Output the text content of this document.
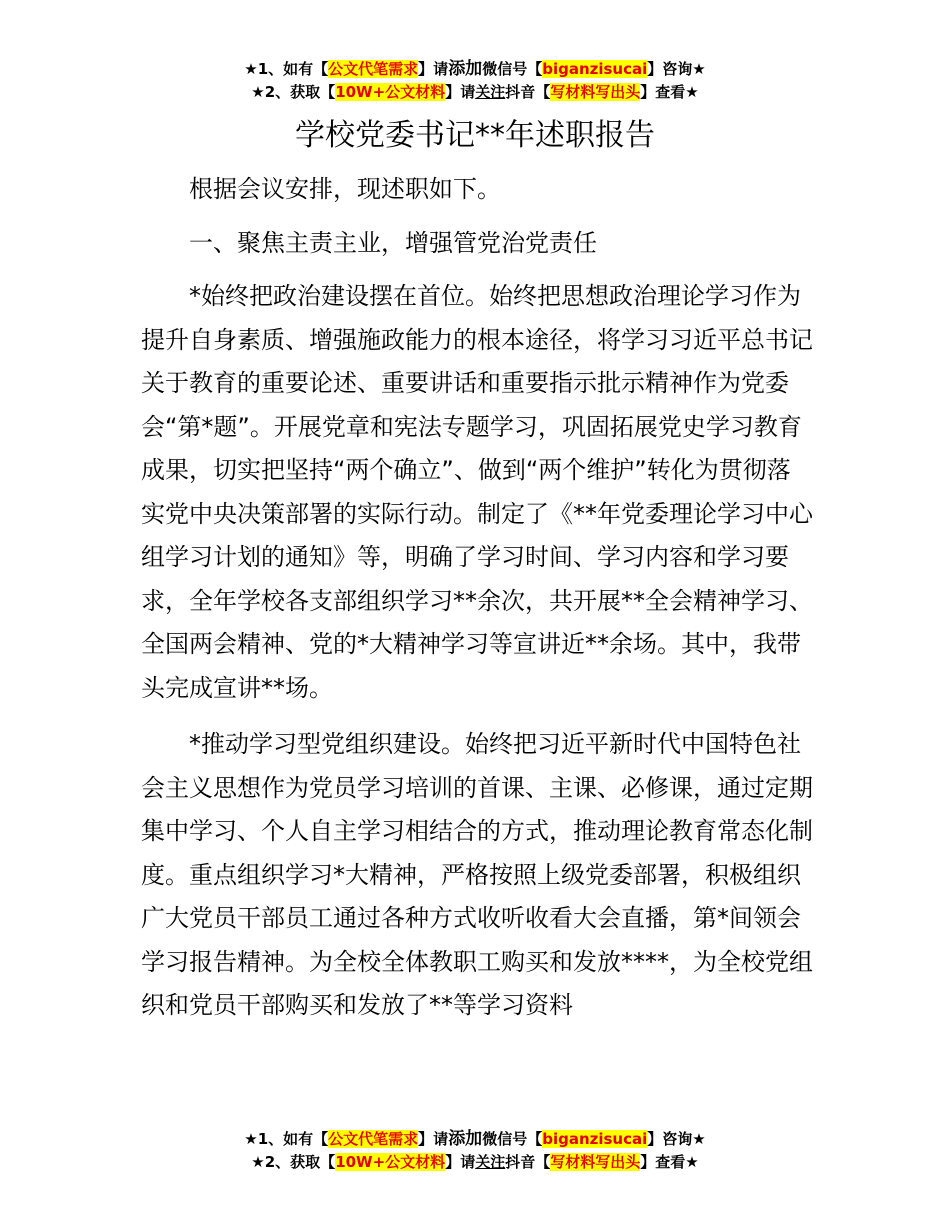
★1、如有【公文代笔需求】请添加微信号【biganzisucai】咨询★
★2、获取【10W+公文材料】请关注抖音【写材料写出头】查看★
学校党委书记**年述职报告

根据会议安排，现述职如下。

一、聚焦主责主业，增强管党治党责任

*始终把政治建设摆在首位。始终把思想政治理论学习作为提升自身素质、增强施政能力的根本途径，将学习习近平总书记关于教育的重要论述、重要讲话和重要指示批示精神作为党委会“第*题”。开展党章和宪法专题学习，巩固拓展党史学习教育成果，切实把坚持“两个确立”、做到“两个维护”转化为贯彻落实党中央决策部署的实际行动。制定了《**年党委理论学习中心组学习计划的通知》等，明确了学习时间、学习内容和学习要求，全年学校各支部组织学习**余次，共开展**全会精神学习、全国两会精神、党的*大精神学习等宣讲近**余场。其中，我带头完成宣讲**场。

*推动学习型党组织建设。始终把习近平新时代中国特色社会主义思想作为党员学习培训的首课、主课、必修课，通过定期集中学习、个人自主学习相结合的方式，推动理论教育常态化制度。重点组织学习*大精神，严格按照上级党委部署，积极组织广大党员干部员工通过各种方式收听收看大会直播，第*间领会学习报告精神。为全校全体教职工购买和发放****，为全校党组织和党员干部购买和发放了**等学习资料

★1、如有【公文代笔需求】请添加微信号【biganzisucai】咨询★
★2、获取【10W+公文材料】请关注抖音【写材料写出头】查看★
